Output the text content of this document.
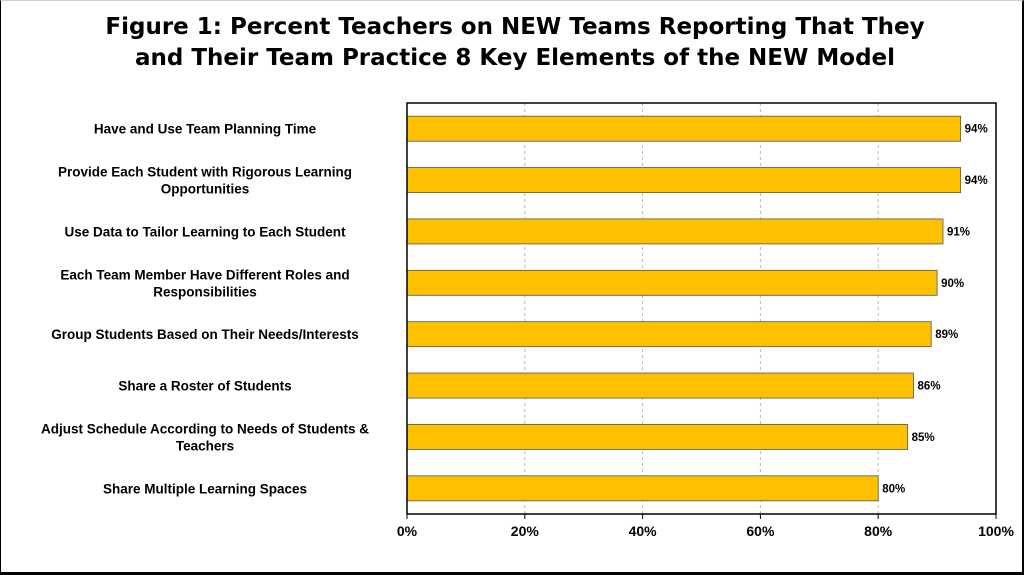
Figure 1: Percent Teachers on NEW Teams Reporting That They
and Their Team Practice 8 Key Elements of the NEW Model
94%
Have and Use Team Planning Time
94%
Provide Each Student with Rigorous Learning
Opportunities
91%
Use Data to Tailor Learning to Each Student
90%
Each Team Member Have Different Roles and
Responsibilities
89%
Group Students Based on Their Needs/Interests
86%
Share a Roster of Students
85%
Adjust Schedule According to Needs of Students &
Teachers
80%
Share Multiple Learning Spaces
0%	20%	40%	60%	80%	100%
